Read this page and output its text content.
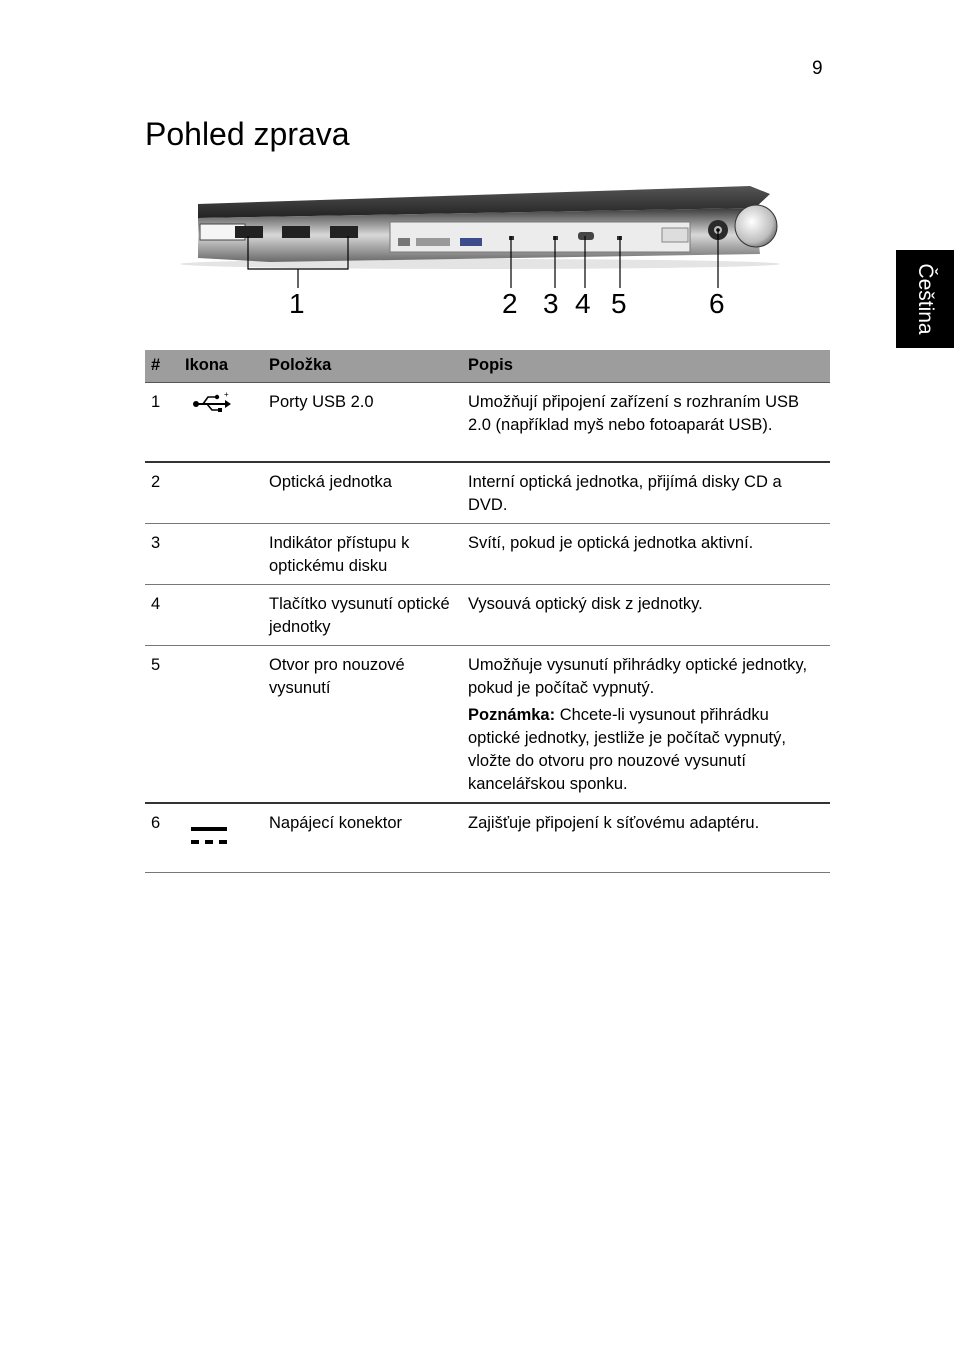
9
Pohled zprava
Čeština
1	2 3 4 5	6
#	Ikona	Položka	Popis
1	+	Porty USB 2.0	Umožňují připojení zařízení s rozhraním USB 2.0 (například myš nebo fotoaparát USB).
2		Optická jednotka	Interní optická jednotka, přijímá disky CD a DVD.
3		Indikátor přístupu k optickému disku	Svítí, pokud je optická jednotka aktivní.
4		Tlačítko vysunutí optické jednotky	Vysouvá optický disk z jednotky.
5		Otvor pro nouzové vysunutí	Umožňuje vysunutí přihrádky optické jednotky, pokud je počítač vypnutý.

Poznámka: Chcete-li vysunout přihrádku optické jednotky, jestliže je počítač vypnutý, vložte do otvoru pro nouzové vysunutí kancelářskou sponku.

6		Napájecí konektor	Zajišťuje připojení k síťovému adaptéru.
